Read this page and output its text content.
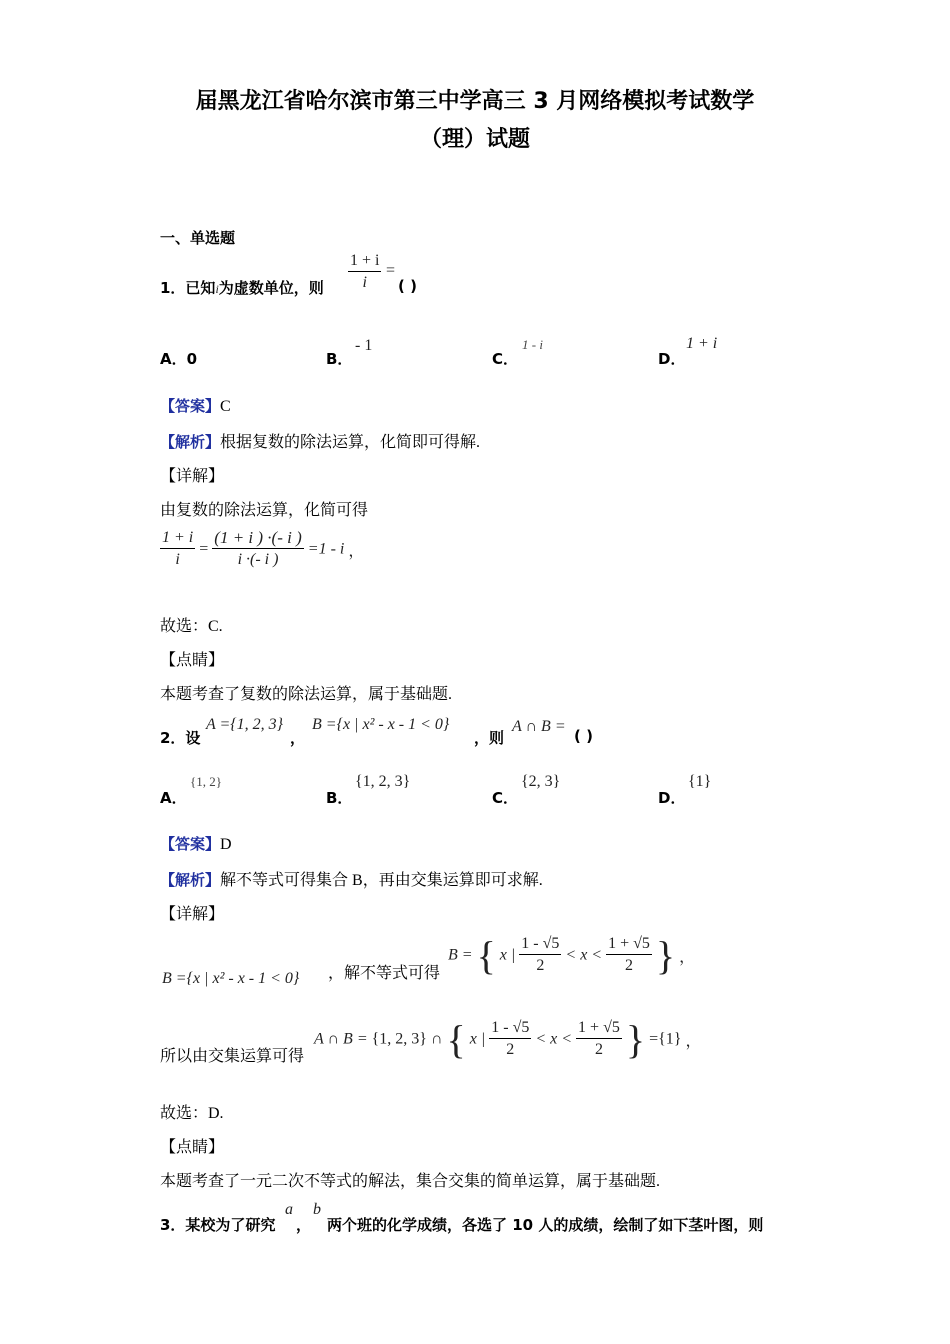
届黑龙江省哈尔滨市第三中学高三 3 月网络模拟考试数学
（理）试题
一、单选题
1．已知i为虚数单位，则 $\frac{1 + i}{i}$ =
( )
A．0	B．
- 1
C．
1 - i
D．
1 + i
【答案】C
【解析】根据复数的除法运算，化简即可得解.
【详解】
由复数的除法运算，化简可得
$\frac{1 + i}{i} = \frac{(1 + i ) \cdot(- i )}{i \cdot(- i )} =1 - i$ ，
故选：C.
【点睛】
本题考查了复数的除法运算，属于基础题.
2．设
A ={1, 2, 3}
，
B ={x | x² - x - 1 < 0}
，则
A ∩ B =
( )
A．
{1, 2}
B．
{1, 2, 3}
C．
{2, 3}
D．
{1}
【答案】D
【解析】解不等式可得集合 B，再由交集运算即可求解.
【详解】
B ={x | x² - x - 1 < 0} ，解不等式可得
B = { x | $\frac{1 - √5}{2} < x < \frac{1 + √5}{2}$ } ，
所以由交集运算可得
A ∩ B = {1, 2, 3} ∩ { x | $\frac{1 - √5}{2} < x < \frac{1 + √5}{2}$ } ={1} ，
故选：D.
【点睛】
本题考查了一元二次不等式的解法，集合交集的简单运算，属于基础题.
3．某校为了研究
a
，
b
两个班的化学成绩，各选了 10 人的成绩，绘制了如下茎叶图，则
